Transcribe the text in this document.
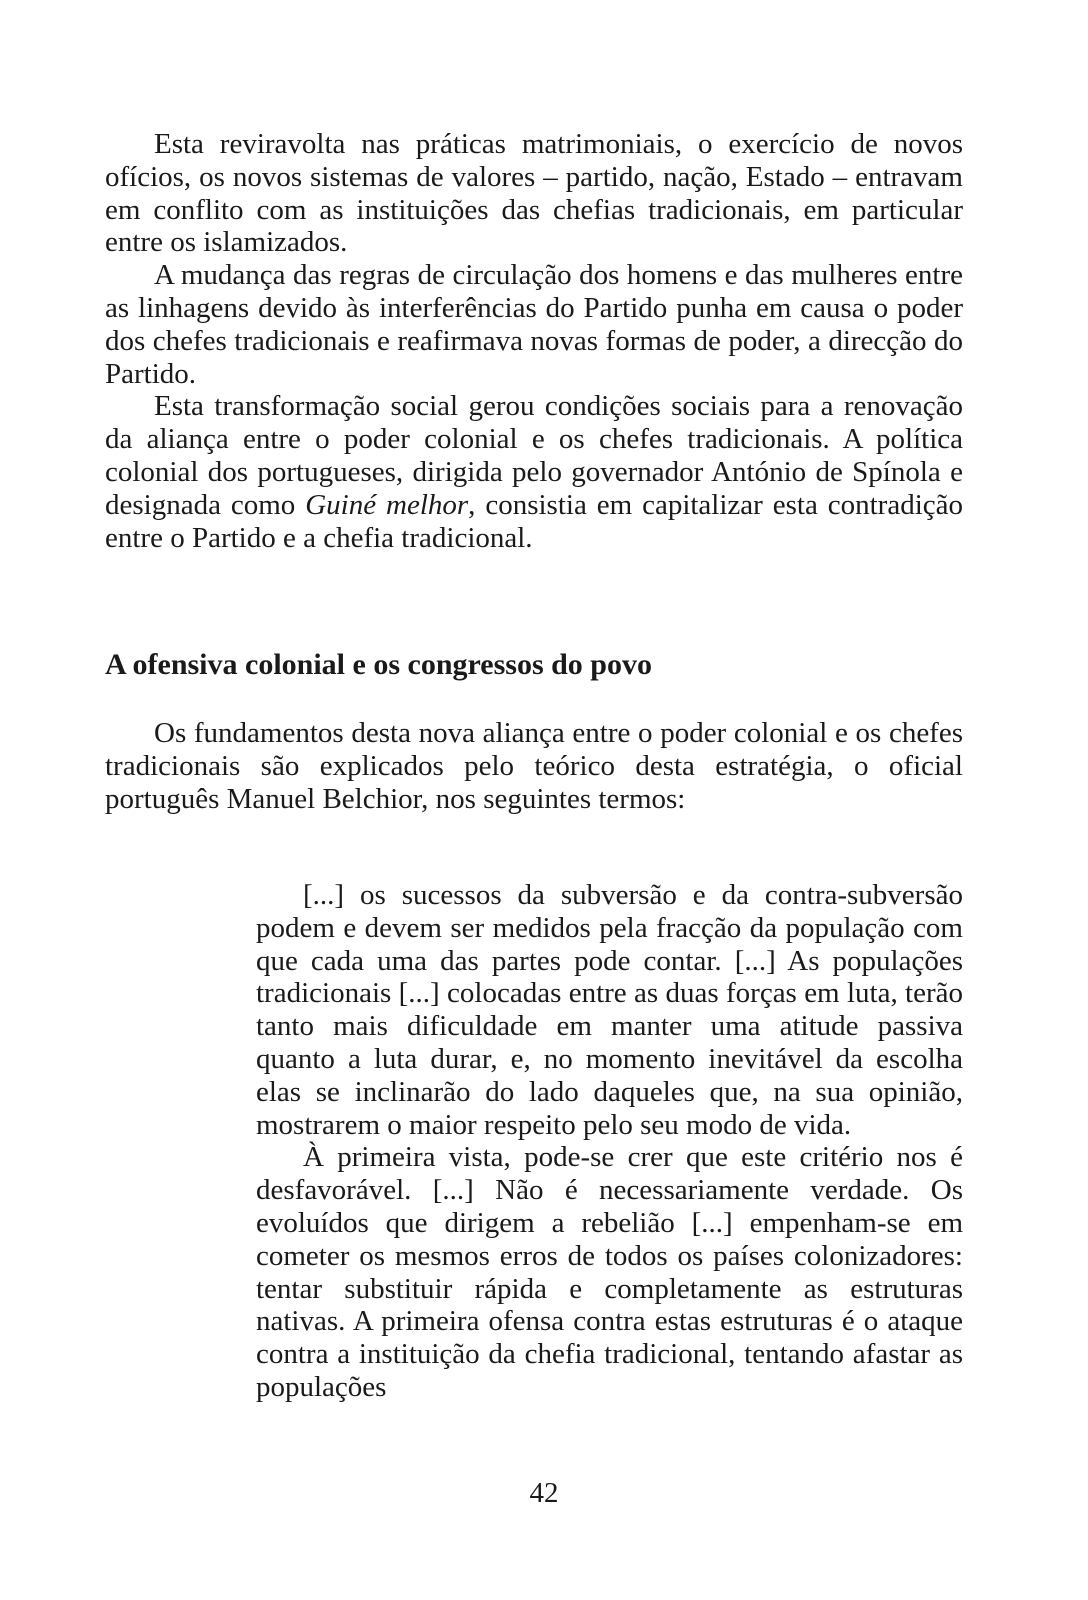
Esta reviravolta nas práticas matrimoniais, o exercício de novos ofícios, os novos sistemas de valores – partido, nação, Estado – entravam em conflito com as instituições das chefias tradicionais, em particular entre os islamizados.

A mudança das regras de circulação dos homens e das mulheres entre as linhagens devido às interferências do Partido punha em causa o poder dos chefes tradicionais e reafirmava novas formas de poder, a direcção do Partido.

Esta transformação social gerou condições sociais para a renovação da aliança entre o poder colonial e os chefes tradicionais. A política colonial dos portugueses, dirigida pelo governador António de Spínola e designada como Guiné melhor, consistia em capitalizar esta contradição entre o Partido e a chefia tradicional.

A ofensiva colonial e os congressos do povo

Os fundamentos desta nova aliança entre o poder colonial e os chefes tradicionais são explicados pelo teórico desta estratégia, o oficial português Manuel Belchior, nos seguintes termos:

[...] os sucessos da subversão e da contra-subversão podem e devem ser medidos pela fracção da população com que cada uma das partes pode contar. [...] As populações tradicionais [...] colocadas entre as duas forças em luta, terão tanto mais dificuldade em manter uma atitude passiva quanto a luta durar, e, no momento inevitável da escolha elas se inclinarão do lado daqueles que, na sua opinião, mostrarem o maior respeito pelo seu modo de vida.

À primeira vista, pode-se crer que este critério nos é desfavorável. [...] Não é necessariamente verdade. Os evoluídos que dirigem a rebelião [...] empenham-se em cometer os mesmos erros de todos os países colonizadores: tentar substituir rápida e completamente as estruturas nativas. A primeira ofensa contra estas estruturas é o ataque contra a instituição da chefia tradicional, tentando afastar as populações

42
